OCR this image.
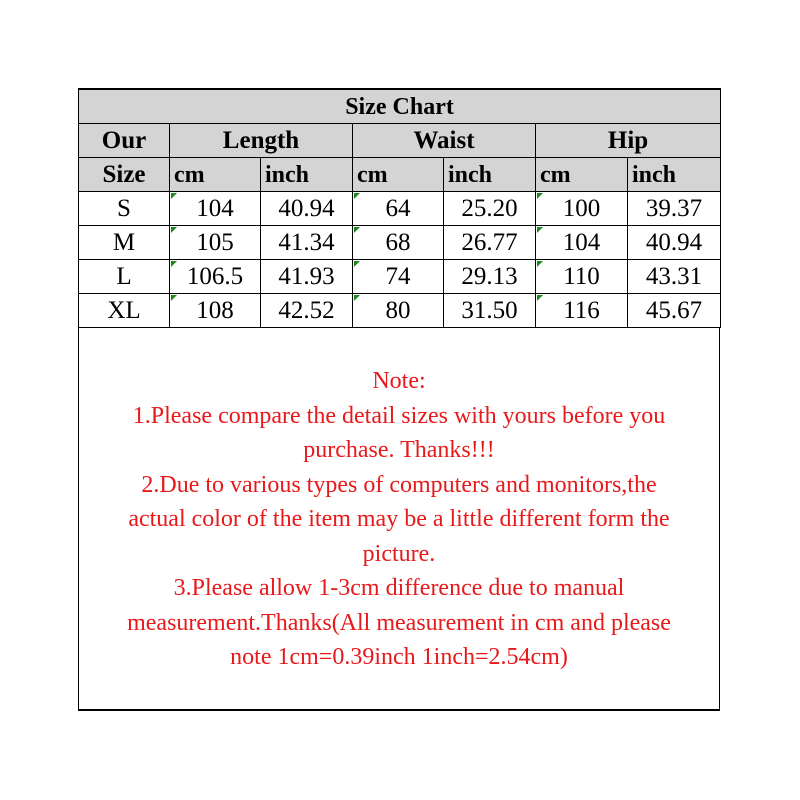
Size Chart						
Our	Length		Waist		Hip	
Size	cm	inch	cm	inch	cm	inch
S	104	40.94	64	25.20	100	39.37
M	105	41.34	68	26.77	104	40.94
L	106.5	41.93	74	29.13	110	43.31
XL	108	42.52	80	31.50	116	45.67
Note:
1.Please compare the detail sizes with yours before you
purchase. Thanks!!!
2.Due to various types of computers and monitors,the
actual color of the item may be a little different form the
picture.
3.Please allow 1-3cm difference due to manual
measurement.Thanks(All measurement in cm and please
note 1cm=0.39inch 1inch=2.54cm)
